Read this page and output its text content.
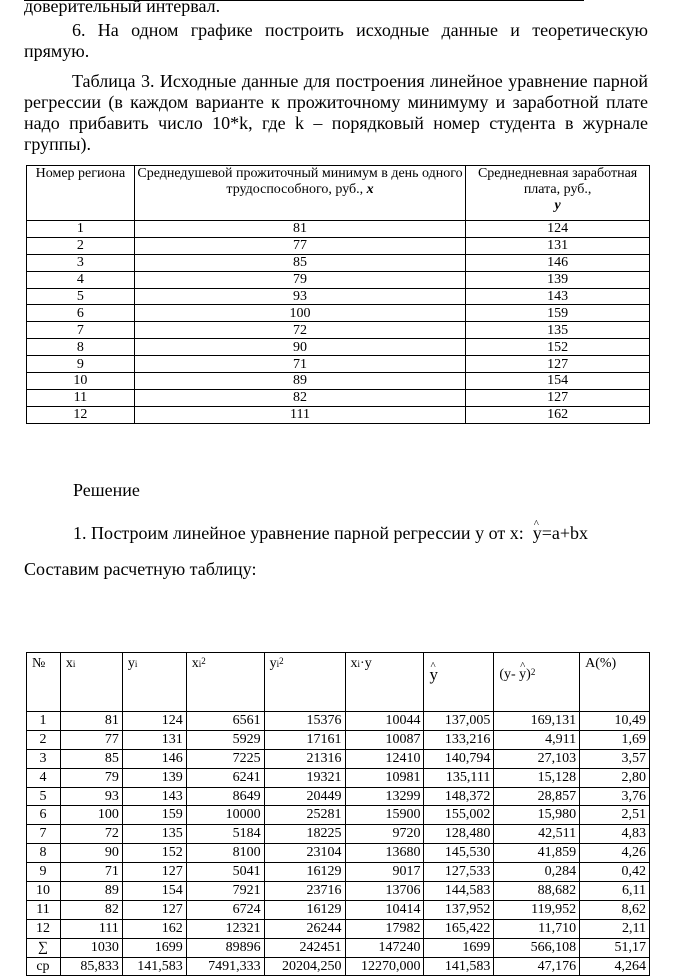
доверительный интервал.

6. На одном графике построить исходные данные и теоретическую прямую.

Таблица 3. Исходные данные для построения линейное уравнение парной регрессии (в каждом варианте к прожиточному минимуму и заработной плате надо прибавить число 10*k, где k – порядковый номер студента в журнале группы).

Номер региона	Среднедушевой прожиточный минимум в день одного трудоспособного, руб., x	Среднедневная заработная плата, руб.,
y
1	81	124
2	77	131
3	85	146
4	79	139
5	93	143
6	100	159
7	72	135
8	90	152
9	71	127
10	89	154
11	82	127
12	111	162

Решение

1. Построим линейное уравнение парной регрессии y от x: ^ y=a+bx

Составим расчетную таблицу:

№	xi	yi	$xi^2$	$yi^2$	xi·y	^ y	(y- ^ y)$^2$	A(%)
1	81	124	6561	15376	10044	137,005	169,131	10,49
2	77	131	5929	17161	10087	133,216	4,911	1,69
3	85	146	7225	21316	12410	140,794	27,103	3,57
4	79	139	6241	19321	10981	135,111	15,128	2,80
5	93	143	8649	20449	13299	148,372	28,857	3,76
6	100	159	10000	25281	15900	155,002	15,980	2,51
7	72	135	5184	18225	9720	128,480	42,511	4,83
8	90	152	8100	23104	13680	145,530	41,859	4,26
9	71	127	5041	16129	9017	127,533	0,284	0,42
10	89	154	7921	23716	13706	144,583	88,682	6,11
11	82	127	6724	16129	10414	137,952	119,952	8,62
12	111	162	12321	26244	17982	165,422	11,710	2,11
∑	1030	1699	89896	242451	147240	1699	566,108	51,17
ср	85,833	141,583	7491,333	20204,250	12270,000	141,583	47,176	4,264
